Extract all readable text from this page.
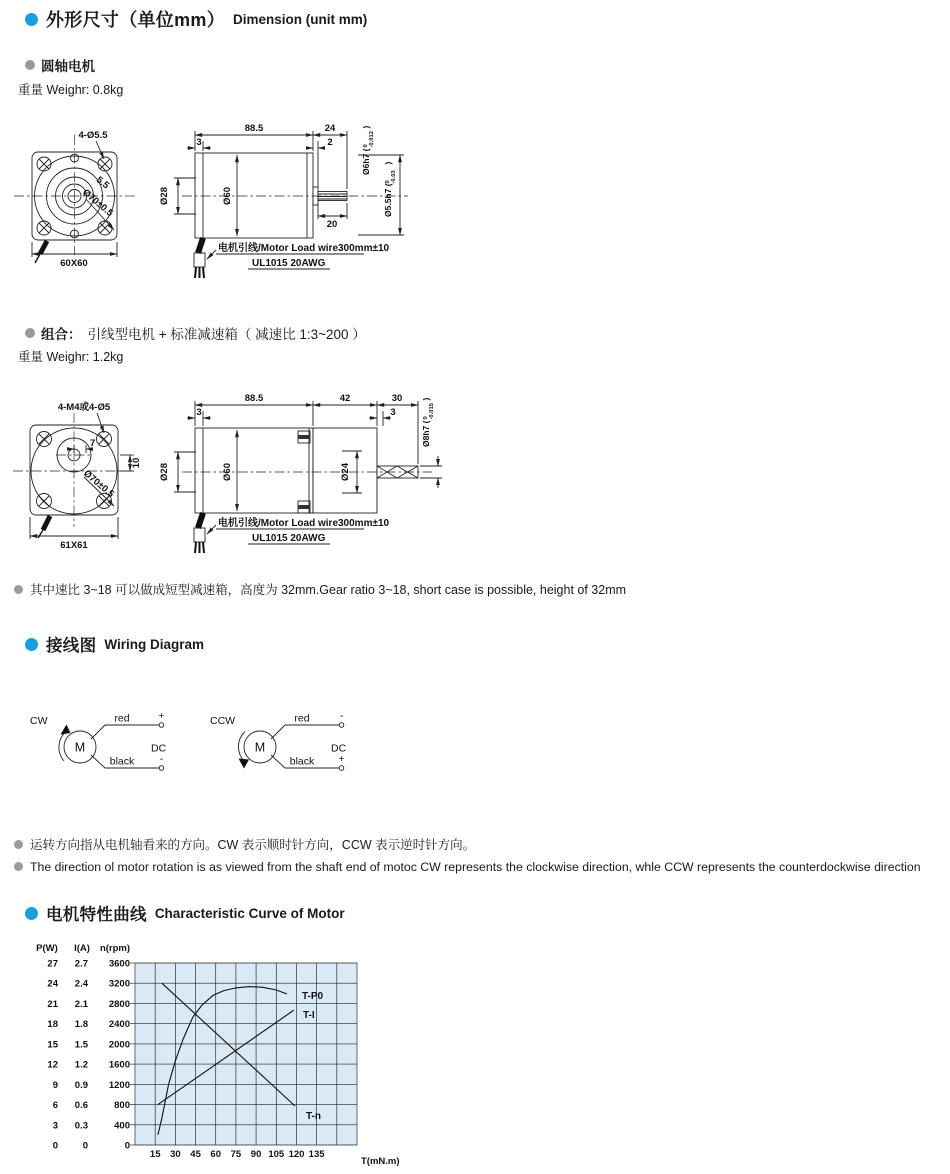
外形尺寸（单位mm） Dimension (unit mm)
圆轴电机
重量 Weighr: 0.8kg
4-Ø5.5
5.5
Ø70±0.5
60X60
88.5	24
3	2
Ø28	Ø60
20
Ø6h7 (
0 -0.012
)
Ø5.5h7 (
0 -0.03
)
电机引线/Motor Load wire300mm±10
UL1015 20AWG
组合： 引线型电机 + 标准减速箱（ 减速比 1:3~200 ）
重量 Weighr: 1.2kg
7
10
4-M4或4-Ø5
Ø70±0.5
61X61
88.5	42	30
3	3
Ø28	Ø60	Ø24
Ø8h7 (
0 -0.015
)
电机引线/Motor Load wire300mm±10
UL1015 20AWG
其中速比 3~18 可以做成短型减速箱，高度为 32mm.Gear ratio 3~18, short case is possible, height of 32mm
接线图 Wiring Diagram
CW
M
red	+
DC
black -
CCW
M
red	-
DC
black +
运转方向指从电机轴看来的方向。CW 表示顺时针方向，CCW 表示逆时针方向。
The direction ol motor rotation is as viewed from the shaft end of motoc CW represents the clockwise direction, whle CCW represents the counterdockwise direction
电机特性曲线 Characteristic Curve of Motor
P(W) I(A) n(rpm)
27
24
21
18
15
12
9
6
3
0
2.7
2.4
2.1
1.8
1.5
1.2
0.9
0.6
0.3
0
3600
3200
2800
2400
2000
1600
1200
800
400
0
15 30 45 60 75 90 105 120 135
T(mN.m)
T-P0
T-I
T-n
